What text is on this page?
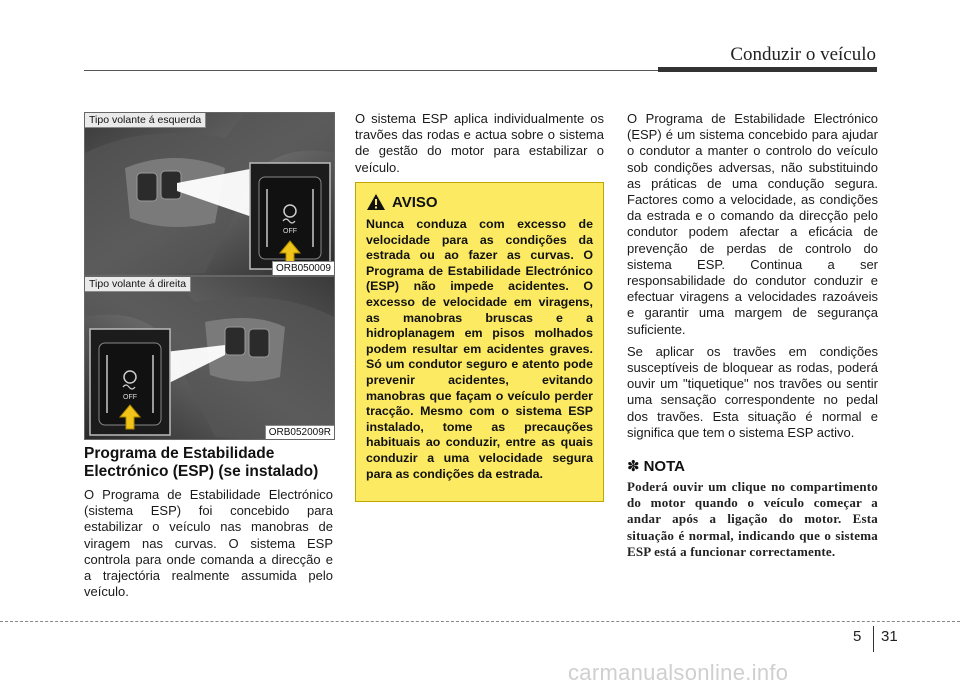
Conduzir o veículo
OFF
Tipo volante á esquerda
ORB050009
OFF
Tipo volante á direita
ORB052009R
Programa de Estabilidade Electrónico (ESP) (se instalado)

O Programa de Estabilidade Electrónico (sistema ESP) foi concebido para estabilizar o veículo nas manobras de viragem nas curvas. O sistema ESP controla para onde comanda a direcção e a trajectória realmente assumida pelo veículo.

O sistema ESP aplica individualmente os travões das rodas e actua sobre o sistema de gestão do motor para estabilizar o veículo.

AVISO

Nunca conduza com excesso de velocidade para as condições da estrada ou ao fazer as curvas. O Programa de Estabilidade Electrónico (ESP) não impede acidentes. O excesso de velocidade em viragens, as manobras bruscas e a hidroplanagem em pisos molhados podem resultar em acidentes graves. Só um condutor seguro e atento pode prevenir acidentes, evitando manobras que façam o veículo perder tracção. Mesmo com o sistema ESP instalado, tome as precauções habituais ao conduzir, entre as quais conduzir a uma velocidade segura para as condições da estrada.

O Programa de Estabilidade Electrónico (ESP) é um sistema concebido para ajudar o condutor a manter o controlo do veículo sob condições adversas, não substituindo as práticas de uma condução segura. Factores como a velocidade, as condições da estrada e o comando da direcção pelo condutor podem afectar a eficácia de prevenção de perdas de controlo do sistema ESP. Continua a ser responsabilidade do condutor conduzir e efectuar viragens a velocidades razoáveis e garantir uma margem de segurança suficiente.

Se aplicar os travões em condições susceptíveis de bloquear as rodas, poderá ouvir um "tiquetique" nos travões ou sentir uma sensação correspondente no pedal dos travões. Esta situação é normal e significa que tem o sistema ESP activo.

✽ NOTA

Poderá ouvir um clique no compartimento do motor quando o veículo começar a andar após a ligação do motor. Esta situação é normal, indicando que o sistema ESP está a funcionar correctamente.

5 31
carmanualsonline.info
